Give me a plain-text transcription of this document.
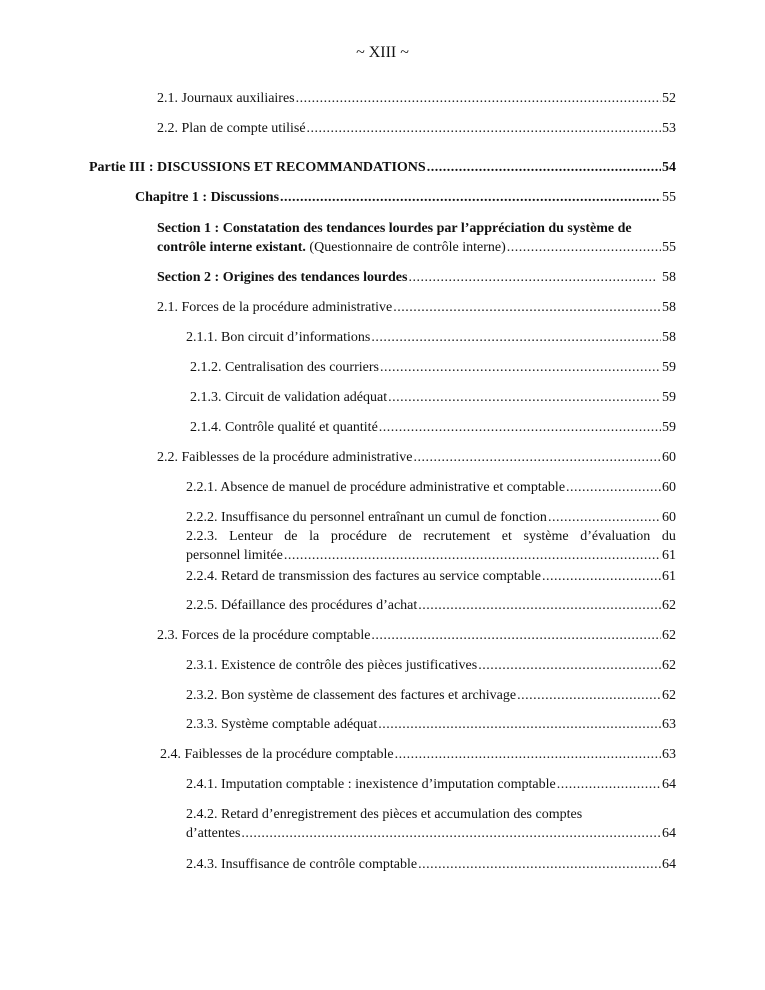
~ XIII ~
2.1. Journaux auxiliaires .....	52
2.2. Plan de compte utilisé .....	53
Partie III : DISCUSSIONS ET RECOMMANDATIONS .....	54
Chapitre 1 : Discussions .....	55
Section 1 : Constatation des tendances lourdes par l’appréciation du système de
contrôle interne existant. (Questionnaire de contrôle interne) .....	55
Section 2 : Origines des tendances lourdes .....	58
2.1. Forces de la procédure administrative .....	58
2.1.1. Bon circuit d’informations .....	58
2.1.2. Centralisation des courriers .....	59
2.1.3. Circuit de validation adéquat .....	59
2.1.4. Contrôle qualité et quantité .....	59
2.2. Faiblesses de la procédure administrative .....	60
2.2.1. Absence de manuel de procédure administrative et comptable .....	60
2.2.2. Insuffisance du personnel entraînant un cumul de fonction .....	60
2.2.3. Lenteur de la procédure de recrutement et système d’évaluation du
personnel limitée .....	61
2.2.4. Retard de transmission des factures au service comptable .....	61
2.2.5. Défaillance des procédures d’achat .....	62
2.3. Forces de la procédure comptable .....	62
2.3.1. Existence de contrôle des pièces justificatives .....	62
2.3.2. Bon système de classement des factures et archivage .....	62
2.3.3. Système comptable adéquat .....	63
2.4. Faiblesses de la procédure comptable .....	63
2.4.1. Imputation comptable : inexistence d’imputation comptable .....	64
2.4.2. Retard d’enregistrement des pièces et accumulation des comptes
d’attentes .....	64
2.4.3. Insuffisance de contrôle comptable .....	64
